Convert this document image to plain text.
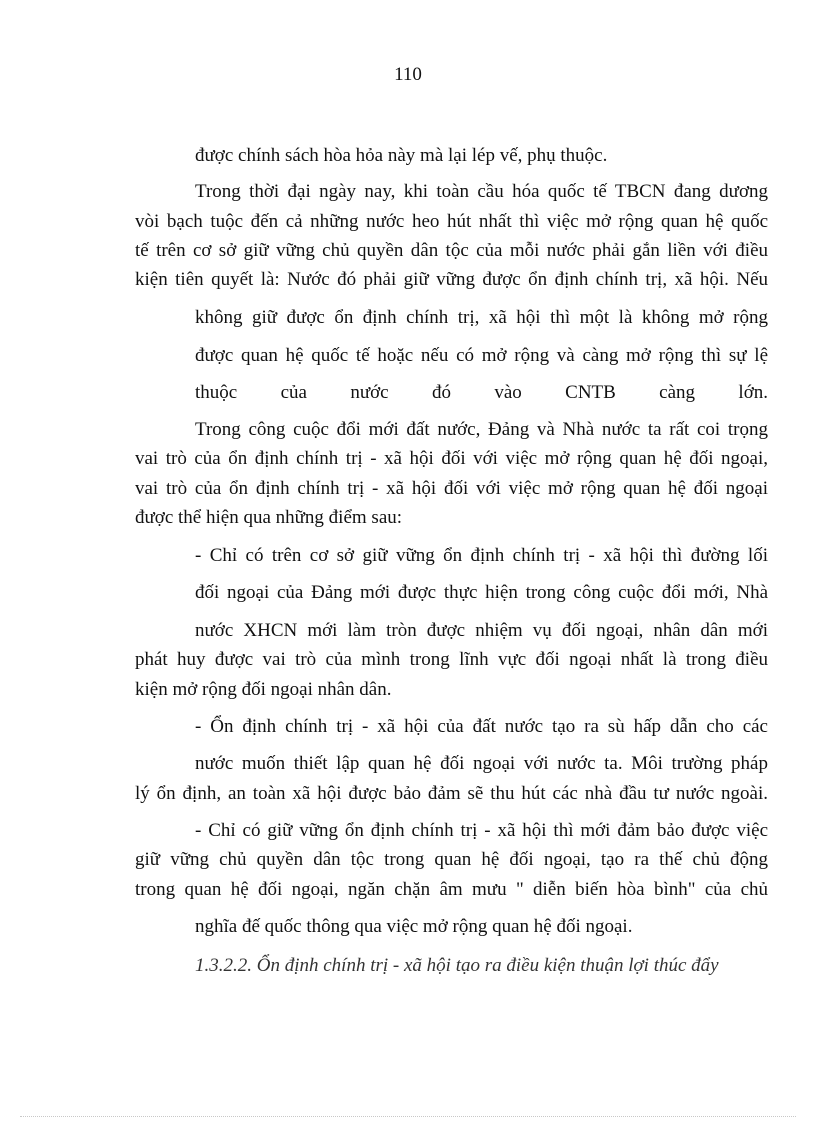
110
được chính sách hòa hỏa này mà lại lép vế, phụ thuộc.
Trong thời đại ngày nay, khi toàn cầu hóa quốc tế TBCN đang dương
vòi bạch tuộc đến cả những nước heo hút nhất thì việc mở rộng quan hệ quốc
tế trên cơ sở giữ vững chủ quyền dân tộc của mỗi nước phải gắn liền với điều
kiện tiên quyết là: Nước đó phải giữ vững được ổn định chính trị, xã hội. Nếu
không giữ được ổn định chính trị, xã hội thì một là không mở rộng
được quan hệ quốc tế hoặc nếu có mở rộng và càng mở rộng thì sự lệ
thuộc của nước đó vào CNTB càng lớn.
Trong công cuộc đổi mới đất nước, Đảng và Nhà nước ta rất coi trọng
vai trò của ổn định chính trị - xã hội đối với việc mở rộng quan hệ đối ngoại,
vai trò của ổn định chính trị - xã hội đối với việc mở rộng quan hệ đối ngoại
được thể hiện qua những điểm sau:
- Chỉ có trên cơ sở giữ vững ổn định chính trị - xã hội thì đường lối
đối ngoại của Đảng mới được thực hiện trong công cuộc đổi mới, Nhà
nước XHCN mới làm tròn được nhiệm vụ đối ngoại, nhân dân mới
phát huy được vai trò của mình trong lĩnh vực đối ngoại nhất là trong điều
kiện mở rộng đối ngoại nhân dân.
- Ổn định chính trị - xã hội của đất nước tạo ra sù hấp dẫn cho các
nước muốn thiết lập quan hệ đối ngoại với nước ta. Môi trường pháp
lý ổn định, an toàn xã hội được bảo đảm sẽ thu hút các nhà đầu tư nước ngoài.
- Chỉ có giữ vững ổn định chính trị - xã hội thì mới đảm bảo được việc
giữ vững chủ quyền dân tộc trong quan hệ đối ngoại, tạo ra thế chủ động
trong quan hệ đối ngoại, ngăn chặn âm mưu " diễn biến hòa bình" của chủ
nghĩa đế quốc thông qua việc mở rộng quan hệ đối ngoại.
1.3.2.2. Ổn định chính trị - xã hội tạo ra điều kiện thuận lợi thúc đẩy
